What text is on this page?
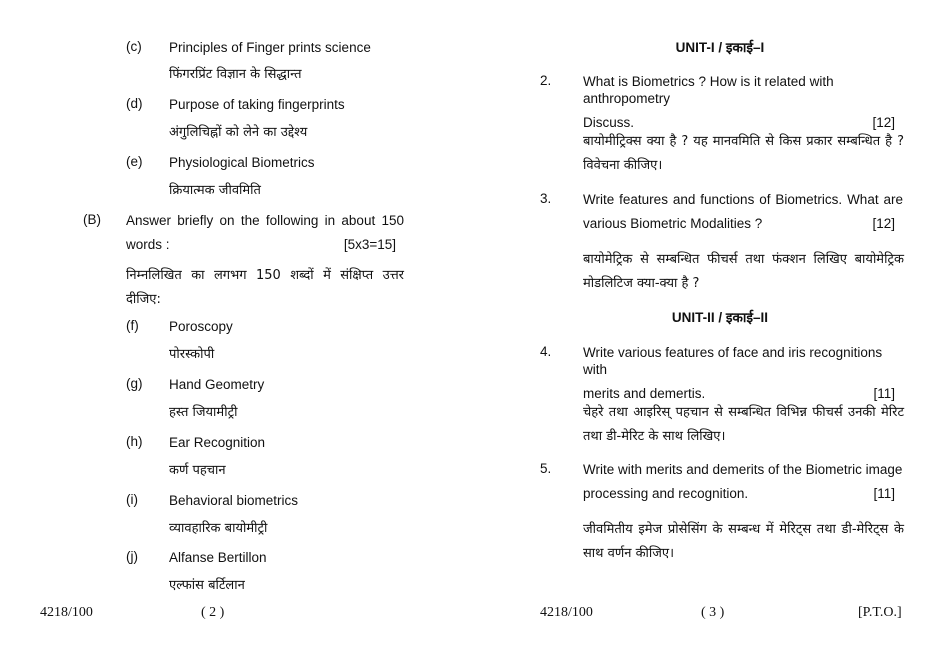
(c) Principles of Finger prints science
फिंगरप्रिंट विज्ञान के सिद्धान्त
(d) Purpose of taking fingerprints
अंगुलिचिह्नों को लेने का उद्देश्य
(e) Physiological Biometrics
क्रियात्मक जीवमिति
(B) Answer briefly on the following in about 150
words :	[5x3=15]
निम्नलिखित का लगभग 150 शब्दों में संक्षिप्त उत्तर दीजिए:
(f) Poroscopy
पोरस्कोपी
(g) Hand Geometry
हस्त जियामीट्री
(h) Ear Recognition
कर्ण पहचान
(i) Behavioral biometrics
व्यावहारिक बायोमीट्री
(j) Alfanse Bertillon
एल्फांस बर्टिलान
4218/100	( 2 )
UNIT-I / इकाई–I
2. What is Biometrics ? How is it related with anthropometry
Discuss.	[12]
बायोमीट्रिक्स क्या है ? यह मानवमिति से किस प्रकार सम्बन्धित है ? विवेचना कीजिए।
3. Write features and functions of Biometrics. What are
various Biometric Modalities ?	[12]
बायोमेट्रिक से सम्बन्धित फीचर्स तथा फंक्शन लिखिए बायोमेट्रिक मोडलिटिज क्या-क्या है ?
UNIT-II / इकाई–II
4. Write various features of face and iris recognitions with
merits and demertis.	[11]
चेहरे तथा आइरिस् पहचान से सम्बन्धित विभिन्न फीचर्स उनकी मेरिट तथा डी-मेरिट के साथ लिखिए।
5. Write with merits and demerits of the Biometric image
processing and recognition.	[11]
जीवमितीय इमेज प्रोसेसिंग के सम्बन्ध में मेरिट्स तथा डी-मेरिट्स के साथ वर्णन कीजिए।
4218/100	( 3 )	[P.T.O.]
